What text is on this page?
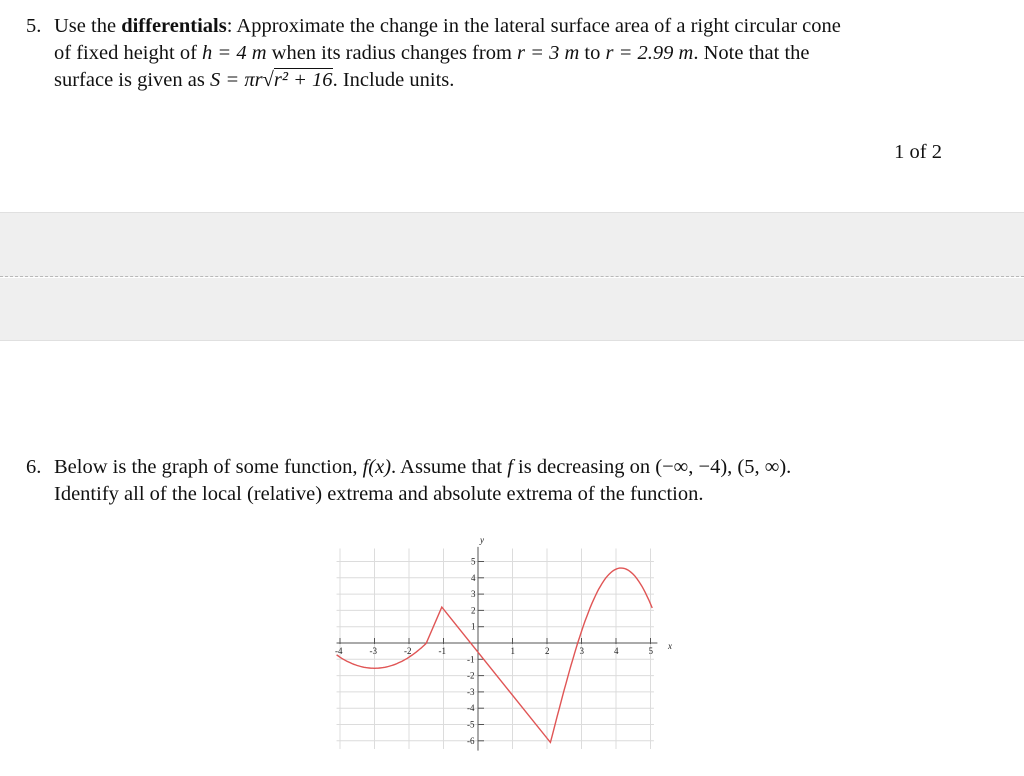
5. Use the differentials: Approximate the change in the lateral surface area of a right circular cone
of fixed height of h = 4 m when its radius changes from r = 3 m to r = 2.99 m. Note that the
surface is given as S = πr√r² + 16. Include units.
1 of 2
6. Below is the graph of some function, f(x). Assume that f is decreasing on (−∞, −4), (5, ∞).
Identify all of the local (relative) extrema and absolute extrema of the function.
-4	-3	-2	-1	1	2	3	4	5
5
4
3
2
1
-1
-2
-3
-4
-5
-6
x
y
